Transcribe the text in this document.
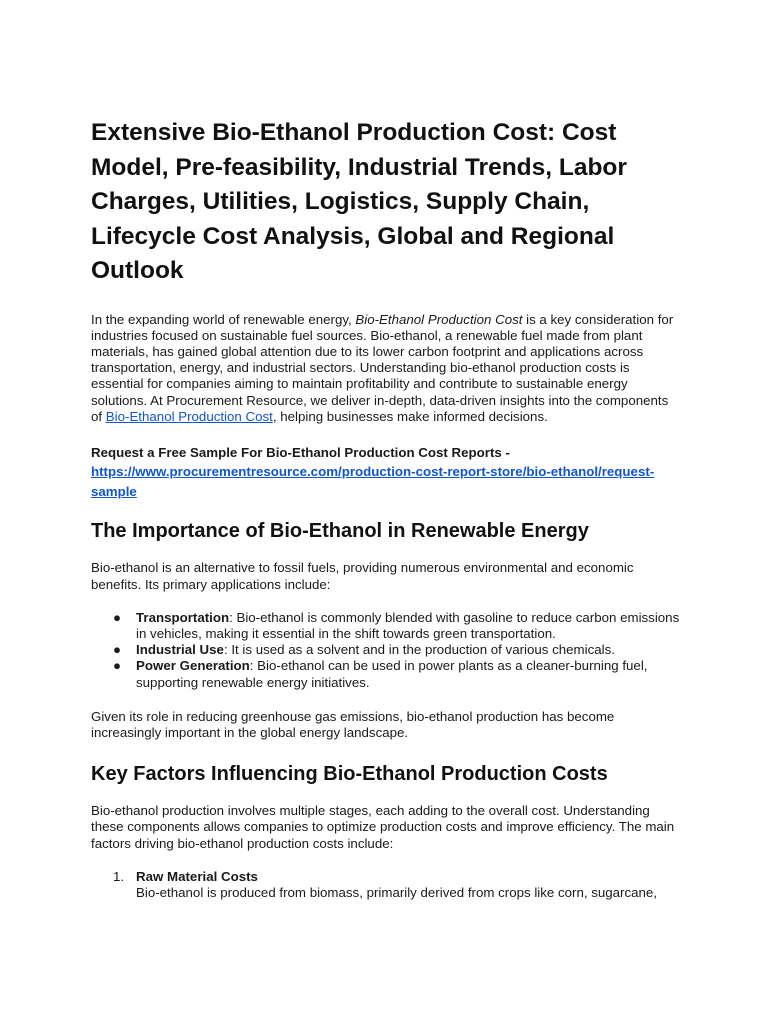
Extensive Bio-Ethanol Production Cost: Cost Model, Pre-feasibility, Industrial Trends, Labor Charges, Utilities, Logistics, Supply Chain, Lifecycle Cost Analysis, Global and Regional Outlook

In the expanding world of renewable energy, Bio-Ethanol Production Cost is a key consideration for industries focused on sustainable fuel sources. Bio-ethanol, a renewable fuel made from plant materials, has gained global attention due to its lower carbon footprint and applications across transportation, energy, and industrial sectors. Understanding bio-ethanol production costs is essential for companies aiming to maintain profitability and contribute to sustainable energy solutions. At Procurement Resource, we deliver in-depth, data-driven insights into the components of Bio-Ethanol Production Cost, helping businesses make informed decisions.

Request a Free Sample For Bio-Ethanol Production Cost Reports -
https://www.procurementresource.com/production-cost-report-store/bio-ethanol/request-sample
The Importance of Bio-Ethanol in Renewable Energy

Bio-ethanol is an alternative to fossil fuels, providing numerous environmental and economic benefits. Its primary applications include:

● Transportation: Bio-ethanol is commonly blended with gasoline to reduce carbon emissions in vehicles, making it essential in the shift towards green transportation.
● Industrial Use: It is used as a solvent and in the production of various chemicals.
● Power Generation: Bio-ethanol can be used in power plants as a cleaner-burning fuel, supporting renewable energy initiatives.

Given its role in reducing greenhouse gas emissions, bio-ethanol production has become increasingly important in the global energy landscape.

Key Factors Influencing Bio-Ethanol Production Costs

Bio-ethanol production involves multiple stages, each adding to the overall cost. Understanding these components allows companies to optimize production costs and improve efficiency. The main factors driving bio-ethanol production costs include:

1. Raw Material Costs
Bio-ethanol is produced from biomass, primarily derived from crops like corn, sugarcane,
